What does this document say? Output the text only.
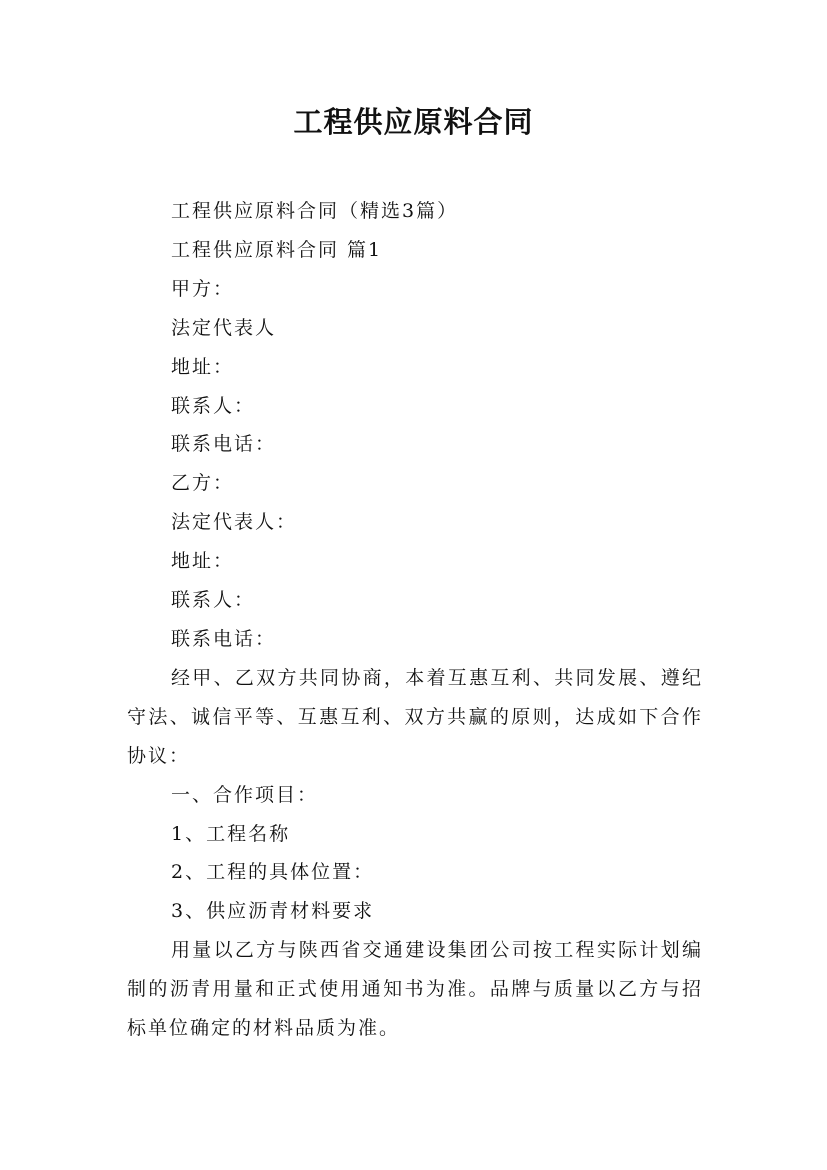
工程供应原料合同

工程供应原料合同（精选3篇）

工程供应原料合同 篇1

甲方：

法定代表人

地址：

联系人：

联系电话：

乙方：

法定代表人：

地址：

联系人：

联系电话：

经甲、乙双方共同协商，本着互惠互利、共同发展、遵纪守法、诚信平等、互惠互利、双方共赢的原则，达成如下合作协议：

一、合作项目：

1、工程名称

2、工程的具体位置：

3、供应沥青材料要求

用量以乙方与陕西省交通建设集团公司按工程实际计划编制的沥青用量和正式使用通知书为准。品牌与质量以乙方与招标单位确定的材料品质为准。
